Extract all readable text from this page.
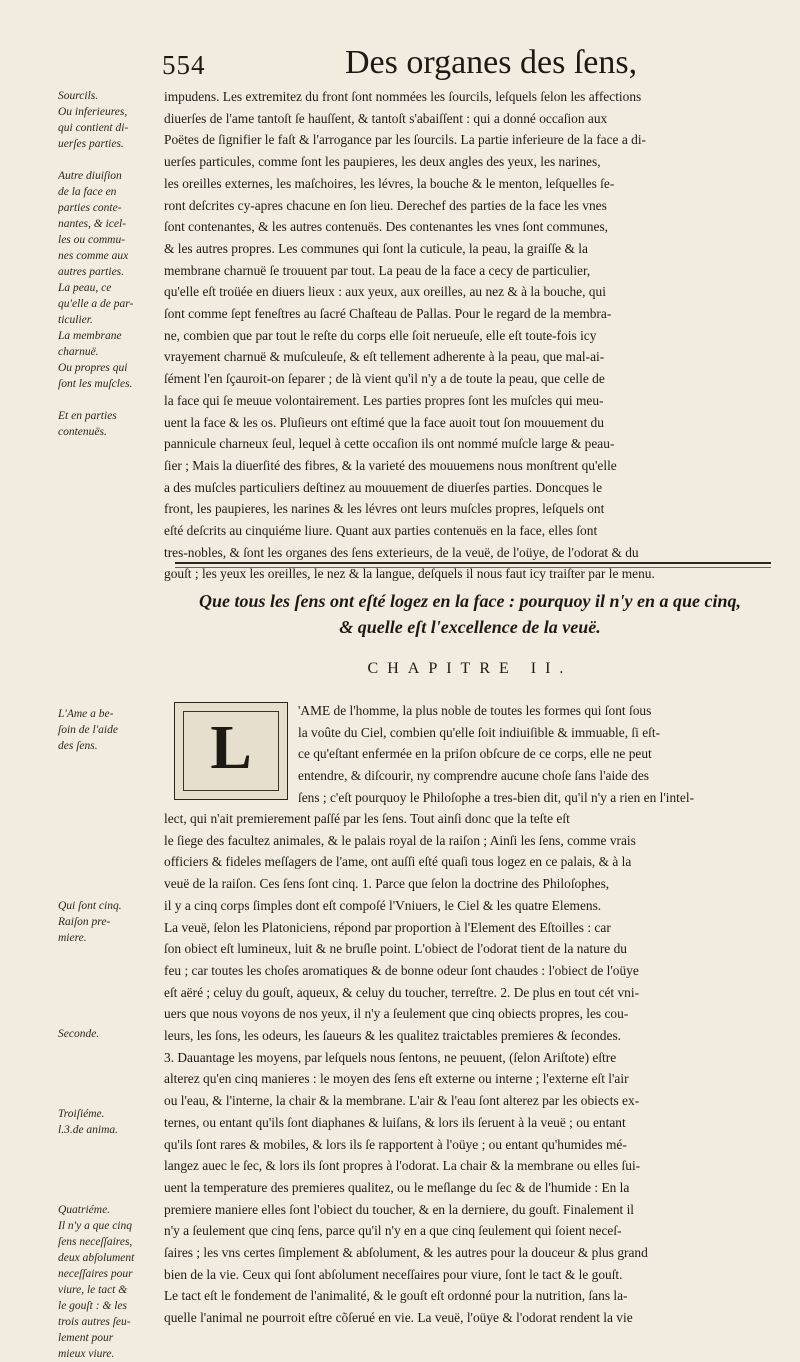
554	Des organes des ſens,
Sourcils.
Ou inferieures,
qui contient di-
uerſes parties.

Autre diuiſion
de la face en
parties conte-
nantes, & icel-
les ou commu-
nes comme aux
autres parties.
La peau, ce
qu'elle a de par-
ticulier.
La membrane
charnuë.
Ou propres qui
ſont les muſcles.

Et en parties
contenuës.
impudens. Les extremitez du front ſont nommées les ſourcils, leſquels ſelon les affections
diuerſes de l'ame tantoſt ſe hauſſent, & tantoſt s'abaiſſent : qui a donné occaſion aux
Poëtes de ſignifier le faſt & l'arrogance par les ſourcils. La partie inferieure de la face a di-
uerſes particules, comme ſont les paupieres, les deux angles des yeux, les narines,
les oreilles externes, les maſchoires, les lévres, la bouche & le menton, leſquelles ſe-
ront deſcrites cy-apres chacune en ſon lieu. Derechef des parties de la face les vnes
ſont contenantes, & les autres contenuës. Des contenantes les vnes ſont communes,
& les autres propres. Les communes qui ſont la cuticule, la peau, la graiſſe & la
membrane charnuë ſe trouuent par tout. La peau de la face a cecy de particulier,
qu'elle eſt troüée en diuers lieux : aux yeux, aux oreilles, au nez & à la bouche, qui
ſont comme ſept feneſtres au ſacré Chaſteau de Pallas. Pour le regard de la membra-
ne, combien que par tout le reſte du corps elle ſoit nerueuſe, elle eſt toute-fois icy
vrayement charnuë & muſculeuſe, & eſt tellement adherente à la peau, que mal-ai-
ſément l'en ſçauroit-on ſeparer ; de là vient qu'il n'y a de toute la peau, que celle de
la face qui ſe meuue volontairement. Les parties propres ſont les muſcles qui meu-
uent la face & les os. Pluſieurs ont eſtimé que la face auoit tout ſon mouuement du
pannicule charneux ſeul, lequel à cette occaſion ils ont nommé muſcle large & peau-
ſier ; Mais la diuerſité des fibres, & la varieté des mouuemens nous monſtrent qu'elle
a des muſcles particuliers deſtinez au mouuement de diuerſes parties. Doncques le
front, les paupieres, les narines & les lévres ont leurs muſcles propres, leſquels ont
eſté deſcrits au cinquiéme liure. Quant aux parties contenuës en la face, elles ſont
tres-nobles, & ſont les organes des ſens exterieurs, de la veuë, de l'oüye, de l'odorat & du
gouſt ; les yeux les oreilles, le nez & la langue, deſquels il nous faut icy traiſter par le menu.
Que tous les ſens ont eſté logez en la face : pourquoy il n'y en a que cinq,
& quelle eſt l'excellence de la veuë.
CHAPITRE II.
L
L'Ame a be-
ſoin de l'aide
des ſens.

Qui ſont cinq.
Raiſon pre-
miere.

Seconde.

Troiſiéme.
l.3.de anima.

Quatriéme.
Il n'y a que cinq
ſens neceſſaires,
deux abſolument
neceſſaires pour
viure, le tact &
le gouſt : & les
trois autres ſeu-
lement pour
mieux viure.
'AME de l'homme, la plus noble de toutes les formes qui ſont ſous
la voûte du Ciel, combien qu'elle ſoit indiuiſible & immuable, ſi eſt-
ce qu'eſtant enfermée en la priſon obſcure de ce corps, elle ne peut
entendre, & diſcourir, ny comprendre aucune choſe ſans l'aide des
ſens ; c'eſt pourquoy le Philoſophe a tres-bien dit, qu'il n'y a rien en l'intel-
lect, qui n'ait premierement paſſé par les ſens. Tout ainſi donc que la teſte eſt
le ſiege des facultez animales, & le palais royal de la raiſon ; Ainſi les ſens, comme vrais
officiers & fideles meſſagers de l'ame, ont auſſi eſté quaſi tous logez en ce palais, & à la
veuë de la raiſon. Ces ſens ſont cinq. 1. Parce que ſelon la doctrine des Philoſophes,
il y a cinq corps ſimples dont eſt compoſé l'Vniuers, le Ciel & les quatre Elemens.
La veuë, ſelon les Platoniciens, répond par proportion à l'Element des Eſtoilles : car
ſon obiect eſt lumineux, luit & ne bruſle point. L'obiect de l'odorat tient de la nature du
feu ; car toutes les choſes aromatiques & de bonne odeur ſont chaudes : l'obiect de l'oüye
eſt aëré ; celuy du gouſt, aqueux, & celuy du toucher, terreſtre. 2. De plus en tout cét vni-
uers que nous voyons de nos yeux, il n'y a ſeulement que cinq obiects propres, les cou-
leurs, les ſons, les odeurs, les ſaueurs & les qualitez traictables premieres & ſecondes.
3. Dauantage les moyens, par leſquels nous ſentons, ne peuuent, (ſelon Ariſtote) eſtre
alterez qu'en cinq manieres : le moyen des ſens eſt externe ou interne ; l'externe eſt l'air
ou l'eau, & l'interne, la chair & la membrane. L'air & l'eau ſont alterez par les obiects ex-
ternes, ou entant qu'ils ſont diaphanes & luiſans, & lors ils ſeruent à la veuë ; ou entant
qu'ils ſont rares & mobiles, & lors ils ſe rapportent à l'oüye ; ou entant qu'humides mé-
langez auec le ſec, & lors ils ſont propres à l'odorat. La chair & la membrane ou elles ſui-
uent la temperature des premieres qualitez, ou le meſlange du ſec & de l'humide : En la
premiere maniere elles ſont l'obiect du toucher, & en la derniere, du gouſt. Finalement il
n'y a ſeulement que cinq ſens, parce qu'il n'y en a que cinq ſeulement qui ſoient neceſ-
ſaires ; les vns certes ſimplement & abſolument, & les autres pour la douceur & plus grand
bien de la vie. Ceux qui ſont abſolument neceſſaires pour viure, ſont le tact & le gouſt.
Le tact eſt le fondement de l'animalité, & le gouſt eſt ordonné pour la nutrition, ſans la-
quelle l'animal ne pourroit eſtre cõſerué en vie. La veuë, l'oüye & l'odorat rendent la vie
